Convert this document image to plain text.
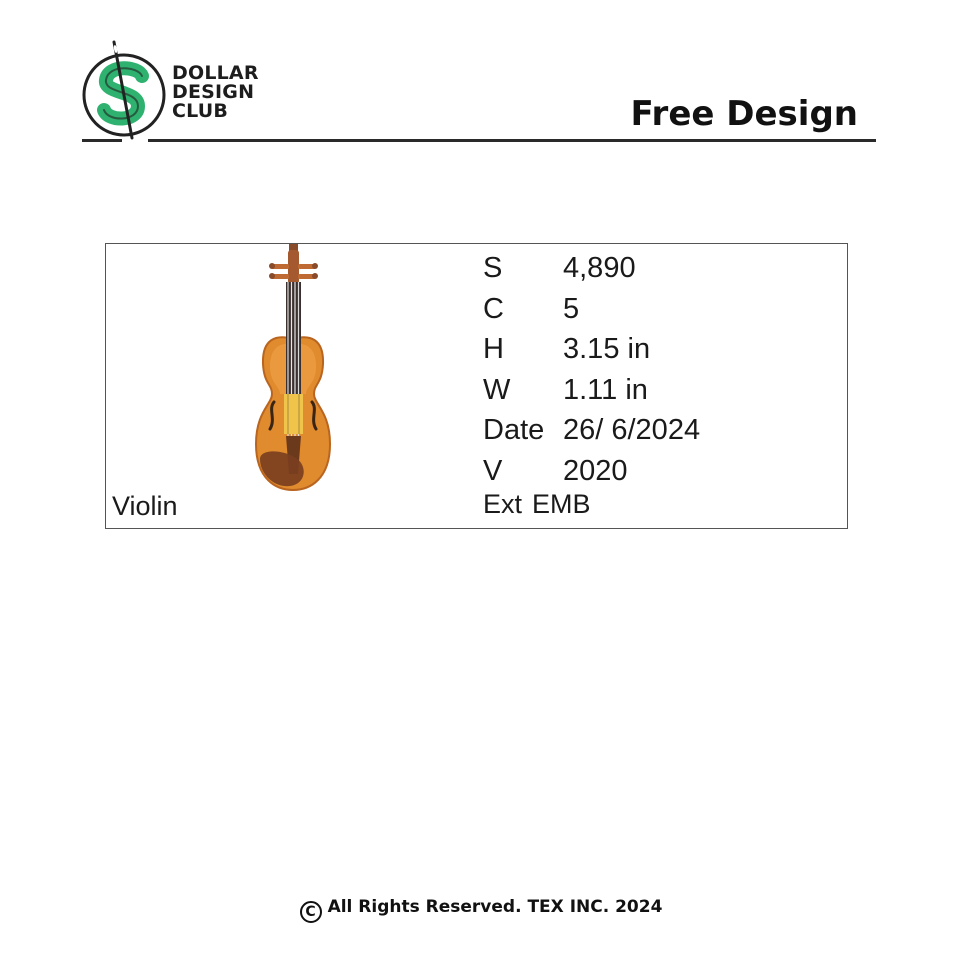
DOLLAR
DESIGN
CLUB	Free Design
S 4,890
C 5
H 3.15 in
W 1.11 in
Date 26/ 6/2024
V 2020
Violin	Ext EMB
C All Rights Reserved. TEX INC. 2024
